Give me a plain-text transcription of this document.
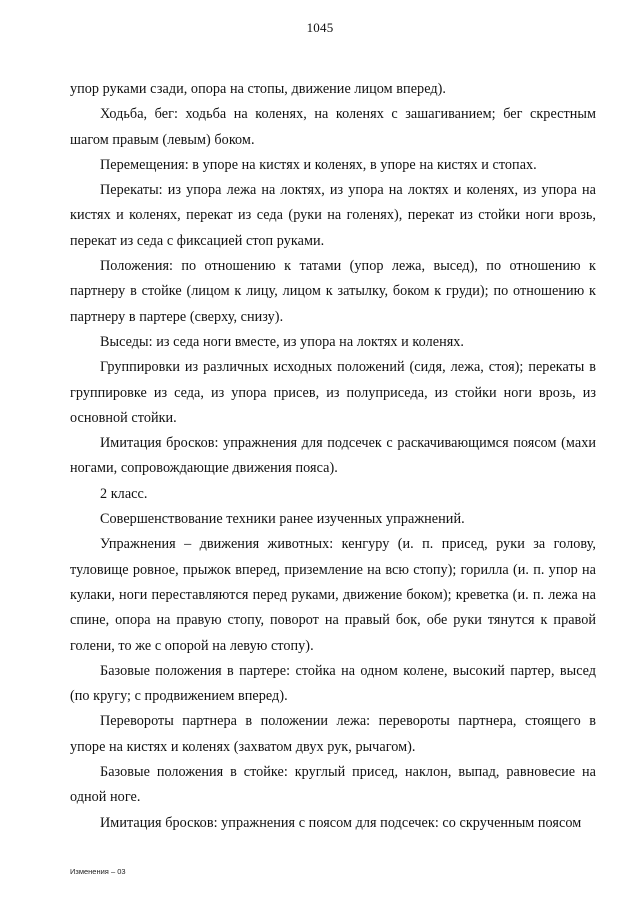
1045

упор руками сзади, опора на стопы, движение лицом вперед).

Ходьба, бег: ходьба на коленях, на коленях с зашагиванием; бег скрестным шагом правым (левым) боком.

Перемещения: в упоре на кистях и коленях, в упоре на кистях и стопах.

Перекаты: из упора лежа на локтях, из упора на локтях и коленях, из упора на кистях и коленях, перекат из седа (руки на голенях), перекат из стойки ноги врозь, перекат из седа с фиксацией стоп руками.

Положения: по отношению к татами (упор лежа, выcед), по отношению к партнеру в стойке (лицом к лицу, лицом к затылку, боком к груди); по отношению к партнеру в партере (сверху, снизу).

Выседы: из седа ноги вместе, из упора на локтях и коленях.

Группировки из различных исходных положений (сидя, лежа, стоя); перекаты в группировке из седа, из упора присев, из полуприседа, из стойки ноги врозь, из основной стойки.

Имитация бросков: упражнения для подсечек с раскачивающимся поясом (махи ногами, сопровождающие движения пояса).

2 класс.

Совершенствование техники ранее изученных упражнений.

Упражнения – движения животных: кенгуру (и. п. присед, руки за голову, туловище ровное, прыжок вперед, приземление на всю стопу); горилла (и. п. упор на кулаки, ноги переставляются перед руками, движение боком); креветка (и. п. лежа на спине, опора на правую стопу, поворот на правый бок, обе руки тянутся к правой голени, то же с опорой на левую стопу).

Базовые положения в партере: стойка на одном колене, высокий партер, выcед (по кругу; с продвижением вперед).

Перевороты партнера в положении лежа: перевороты партнера, стоящего в упоре на кистях и коленях (захватом двух рук, рычагом).

Базовые положения в стойке: круглый присед, наклон, выпад, равновесие на одной ноге.

Имитация бросков: упражнения с поясом для подсечек: со скрученным поясом

Изменения – 03
